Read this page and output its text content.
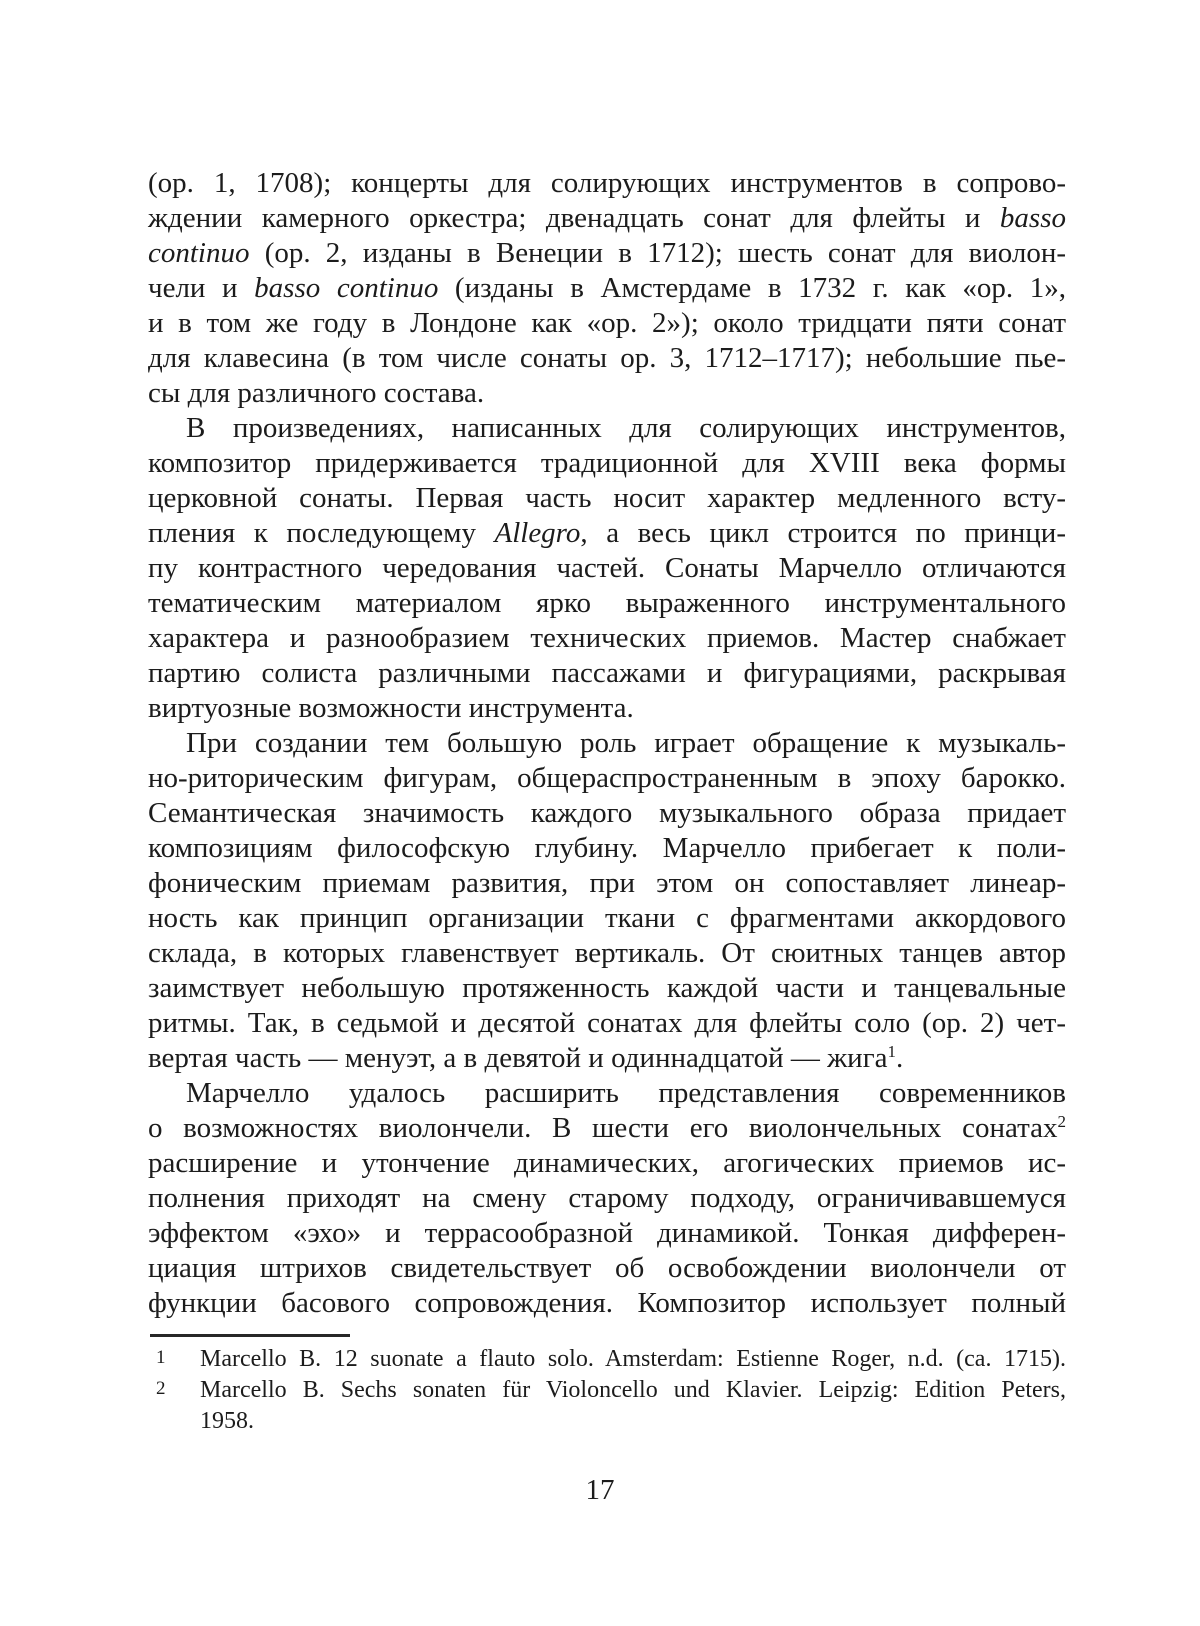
(ор. 1, 1708); концерты для солирующих инструментов в сопрово-
ждении камерного оркестра; двенадцать сонат для флейты и basso
continuo (ор. 2, изданы в Венеции в 1712); шесть сонат для виолон-
чели и basso continuo (изданы в Амстердаме в 1732 г. как «ор. 1»,
и в том же году в Лондоне как «ор. 2»); около тридцати пяти сонат
для клавесина (в том числе сонаты ор. 3, 1712–1717); небольшие пье-
сы для различного состава.
В произведениях, написанных для солирующих инструментов,
композитор придерживается традиционной для XVIII века формы
церковной сонаты. Первая часть носит характер медленного всту-
пления к последующему Allegro, а весь цикл строится по принци-
пу контрастного чередования частей. Сонаты Марчелло отличаются
тематическим материалом ярко выраженного инструментального
характера и разнообразием технических приемов. Мастер снабжает
партию солиста различными пассажами и фигурациями, раскрывая
виртуозные возможности инструмента.
При создании тем большую роль играет обращение к музыкаль-
но-риторическим фигурам, общераспространенным в эпоху барокко.
Семантическая значимость каждого музыкального образа придает
композициям философскую глубину. Марчелло прибегает к поли-
фоническим приемам развития, при этом он сопоставляет линеар-
ность как принцип организации ткани с фрагментами аккордового
склада, в которых главенствует вертикаль. От сюитных танцев автор
заимствует небольшую протяженность каждой части и танцевальные
ритмы. Так, в седьмой и десятой сонатах для флейты соло (ор. 2) чет-
вертая часть — менуэт, а в девятой и одиннадцатой — жига$^1$.
Марчелло удалось расширить представления современников
о возможностях виолончели. В шести его виолончельных сонатах$^2$
расширение и утончение динамических, агогических приемов ис-
полнения приходят на смену старому подходу, ограничивавшемуся
эффектом «эхо» и террасообразной динамикой. Тонкая дифферен-
циация штрихов свидетельствует об освобождении виолончели от
функции басового сопровождения. Композитор использует полный
1	Marcello B. 12 suonate a flauto solo. Amsterdam: Estienne Roger, n.d. (ca. 1715).
2	Marcello B. Sechs sonaten für Violoncello und Klavier. Leipzig: Edition Peters,
1958.
17
